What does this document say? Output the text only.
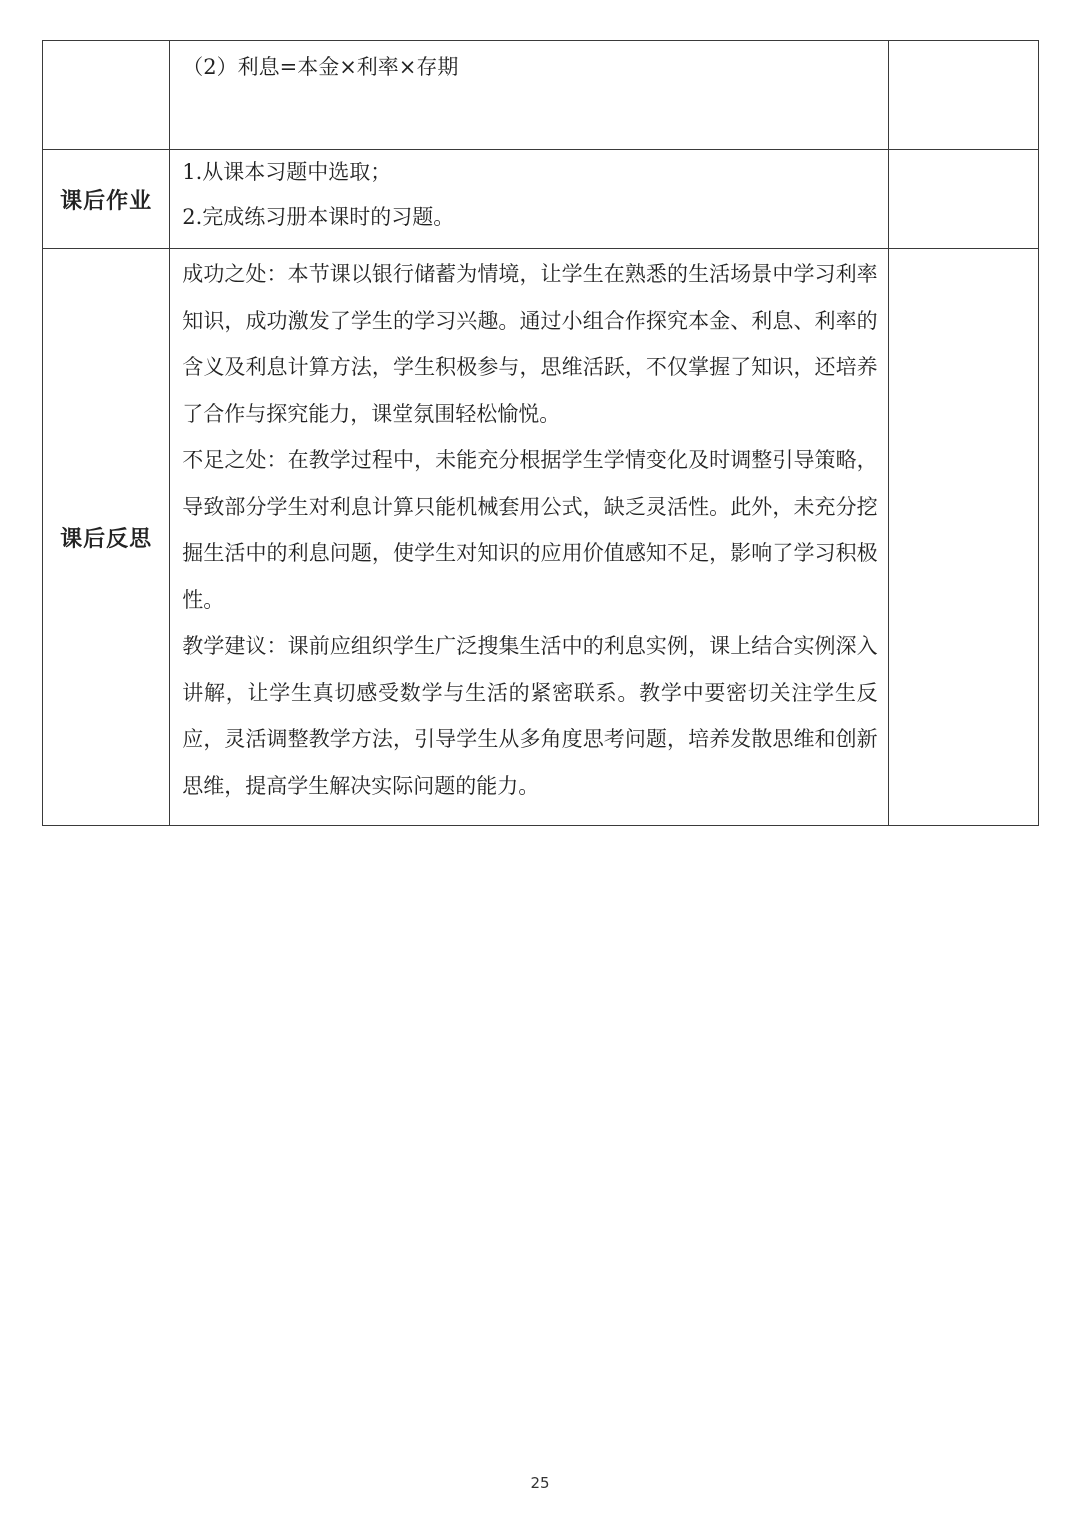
	（2）利息=本金×利率×存期	

课后作业	1.从课本习题中选取；
2.完成练习册本课时的习题。	

课后反思	成功之处：本节课以银行储蓄为情境，让学生在熟悉的生活场景中学习利率知识，成功激发了学生的学习兴趣。通过小组合作探究本金、利息、利率的含义及利息计算方法，学生积极参与，思维活跃，不仅掌握了知识，还培养了合作与探究能力，课堂氛围轻松愉悦。
不足之处：在教学过程中，未能充分根据学生学情变化及时调整引导策略，导致部分学生对利息计算只能机械套用公式，缺乏灵活性。此外，未充分挖掘生活中的利息问题，使学生对知识的应用价值感知不足，影响了学习积极性。
教学建议：课前应组织学生广泛搜集生活中的利息实例，课上结合实例深入讲解，让学生真切感受数学与生活的紧密联系。教学中要密切关注学生反应，灵活调整教学方法，引导学生从多角度思考问题，培养发散思维和创新思维，提高学生解决实际问题的能力。	

25
